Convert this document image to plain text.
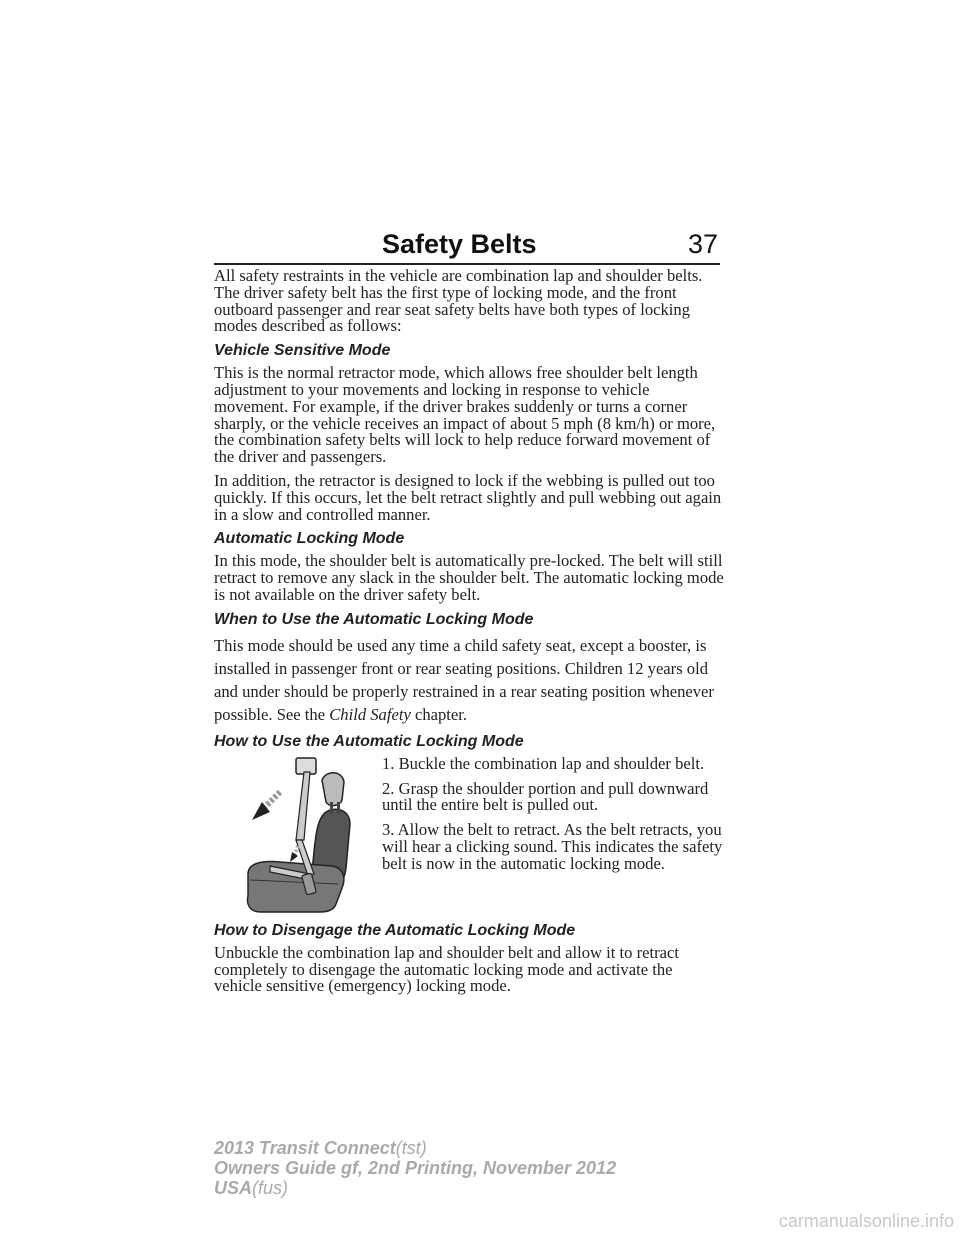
Safety Belts	37

All safety restraints in the vehicle are combination lap and shoulder belts. The driver safety belt has the first type of locking mode, and the front outboard passenger and rear seat safety belts have both types of locking modes described as follows:

Vehicle Sensitive Mode

This is the normal retractor mode, which allows free shoulder belt length adjustment to your movements and locking in response to vehicle movement. For example, if the driver brakes suddenly or turns a corner sharply, or the vehicle receives an impact of about 5 mph (8 km/h) or more, the combination safety belts will lock to help reduce forward movement of the driver and passengers.

In addition, the retractor is designed to lock if the webbing is pulled out too quickly. If this occurs, let the belt retract slightly and pull webbing out again in a slow and controlled manner.

Automatic Locking Mode

In this mode, the shoulder belt is automatically pre-locked. The belt will still retract to remove any slack in the shoulder belt. The automatic locking mode is not available on the driver safety belt.

When to Use the Automatic Locking Mode

This mode should be used any time a child safety seat, except a booster, is installed in passenger front or rear seating positions. Children 12 years old and under should be properly restrained in a rear seating position whenever possible. See the Child Safety chapter.

How to Use the Automatic Locking Mode

1. Buckle the combination lap and shoulder belt.

2. Grasp the shoulder portion and pull downward until the entire belt is pulled out.

3. Allow the belt to retract. As the belt retracts, you will hear a clicking sound. This indicates the safety belt is now in the automatic locking mode.

How to Disengage the Automatic Locking Mode

Unbuckle the combination lap and shoulder belt and allow it to retract completely to disengage the automatic locking mode and activate the vehicle sensitive (emergency) locking mode.

2013 Transit Connect(tst)
Owners Guide gf, 2nd Printing, November 2012
USA(fus)
carmanualsonline.info
